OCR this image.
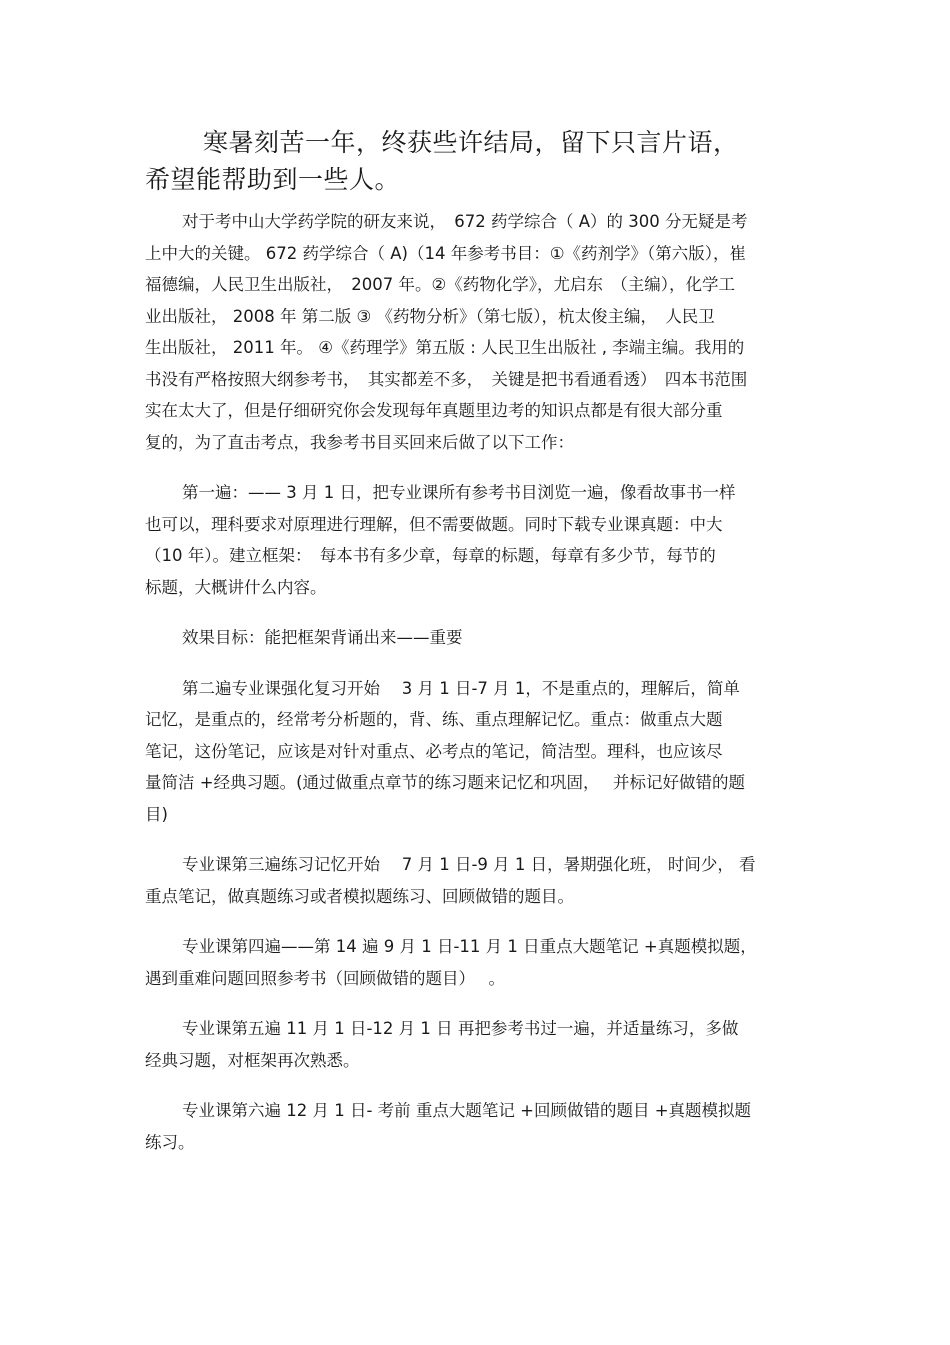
寒暑刻苦一年，终获些许结局，留下只言片语，
希望能帮助到一些人。

对于考中山大学药学院的研友来说，　672 药学综合（ A）的 300 分无疑是考
上中大的关键。 672 药学综合（ A)（14 年参考书目：①《药剂学》（第六版），崔
福德编，人民卫生出版社，　2007 年。②《药物化学》，尤启东　（主编），化学工
业出版社， 2008 年 第二版 ③ 《药物分析》（第七版），杭太俊主编，　人民卫
生出版社， 2011 年。 ④《药理学》第五版 : 人民卫生出版社 , 李端主编。我用的
书没有严格按照大纲参考书，　其实都差不多，　关键是把书看通看透）　四本书范围
实在太大了，但是仔细研究你会发现每年真题里边考的知识点都是有很大部分重
复的，为了直击考点，我参考书目买回来后做了以下工作：

第一遍：—— 3 月 1 日，把专业课所有参考书目浏览一遍，像看故事书一样
也可以，理科要求对原理进行理解，但不需要做题。同时下载专业课真题：中大
（10 年）。建立框架：　每本书有多少章，每章的标题，每章有多少节，每节的
标题，大概讲什么内容。

效果目标：能把框架背诵出来——重要

第二遍专业课强化复习开始　 3 月 1 日-7 月 1，不是重点的，理解后，简单
记忆，是重点的，经常考分析题的，背、练、重点理解记忆。重点：做重点大题
笔记，这份笔记，应该是对针对重点、必考点的笔记，简洁型。理科，也应该尽
量简洁 +经典习题。(通过做重点章节的练习题来记忆和巩固，　 并标记好做错的题
目)

专业课第三遍练习记忆开始　 7 月 1 日-9 月 1 日，暑期强化班， 时间少， 看
重点笔记，做真题练习或者模拟题练习、回顾做错的题目。

专业课第四遍——第 14 遍 9 月 1 日-11 月 1 日重点大题笔记 +真题模拟题，
遇到重难问题回照参考书（回顾做错的题目）　 。

专业课第五遍 11 月 1 日-12 月 1 日 再把参考书过一遍，并适量练习，多做
经典习题，对框架再次熟悉。

专业课第六遍 12 月 1 日- 考前 重点大题笔记 +回顾做错的题目 +真题模拟题
练习。
